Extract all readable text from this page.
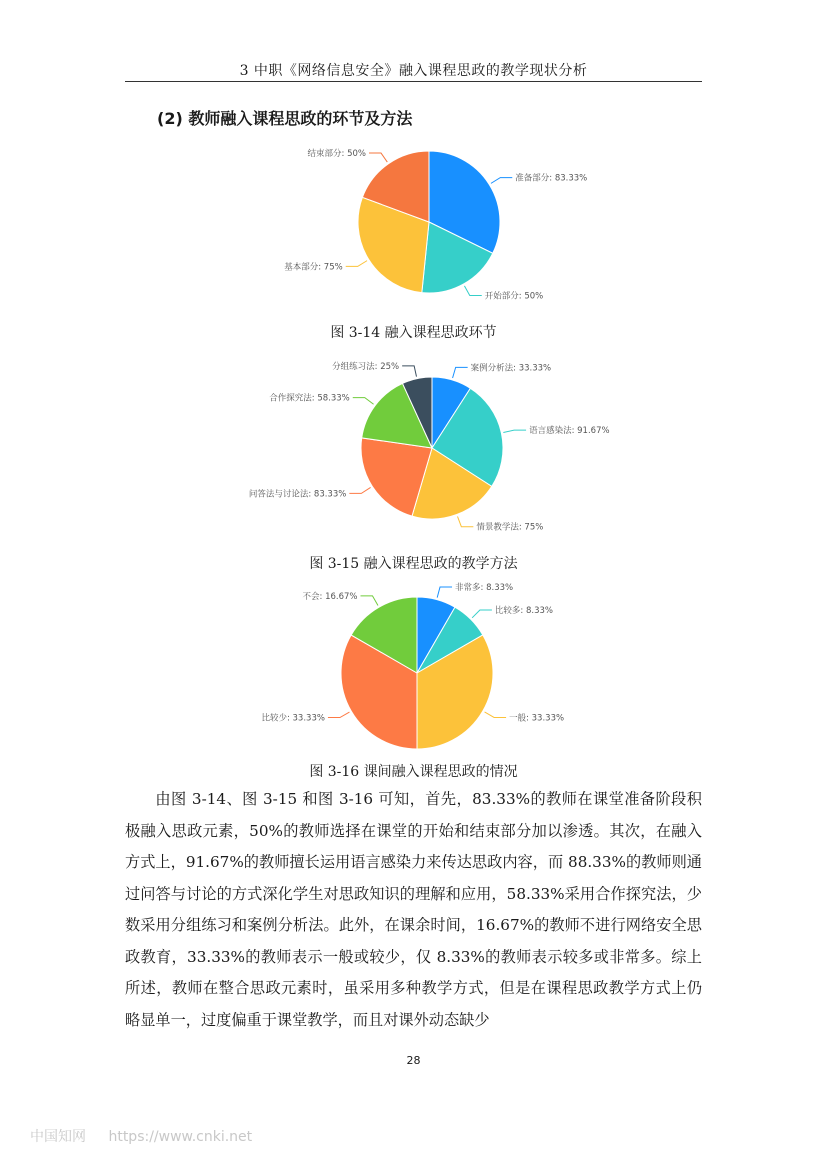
3 中职《网络信息安全》融入课程思政的教学现状分析
(2) 教师融入课程思政的环节及方法
准备部分: 83.33%
开始部分: 50%
基本部分: 75%
结束部分: 50%
图 3-14 融入课程思政环节
案例分析法: 33.33%
语言感染法: 91.67%
情景教学法: 75%
问答法与讨论法: 83.33%
合作探究法: 58.33%
分组练习法: 25%
图 3-15 融入课程思政的教学方法
非常多: 8.33%
比较多: 8.33%
一般: 33.33%
比较少: 33.33%
不会: 16.67%
图 3-16 课间融入课程思政的情况

由图 3-14、图 3-15 和图 3-16 可知，首先，83.33%的教师在课堂准备阶段积极融入思政元素，50%的教师选择在课堂的开始和结束部分加以渗透。其次，在融入方式上，91.67%的教师擅长运用语言感染力来传达思政内容，而 88.33%的教师则通过问答与讨论的方式深化学生对思政知识的理解和应用，58.33%采用合作探究法，少数采用分组练习和案例分析法。此外，在课余时间，16.67%的教师不进行网络安全思政教育，33.33%的教师表示一般或较少，仅 8.33%的教师表示较多或非常多。综上所述，教师在整合思政元素时，虽采用多种教学方式，但是在课程思政教学方式上仍略显单一，过度偏重于课堂教学，而且对课外动态缺少

28
中国知网 https://www.cnki.net
